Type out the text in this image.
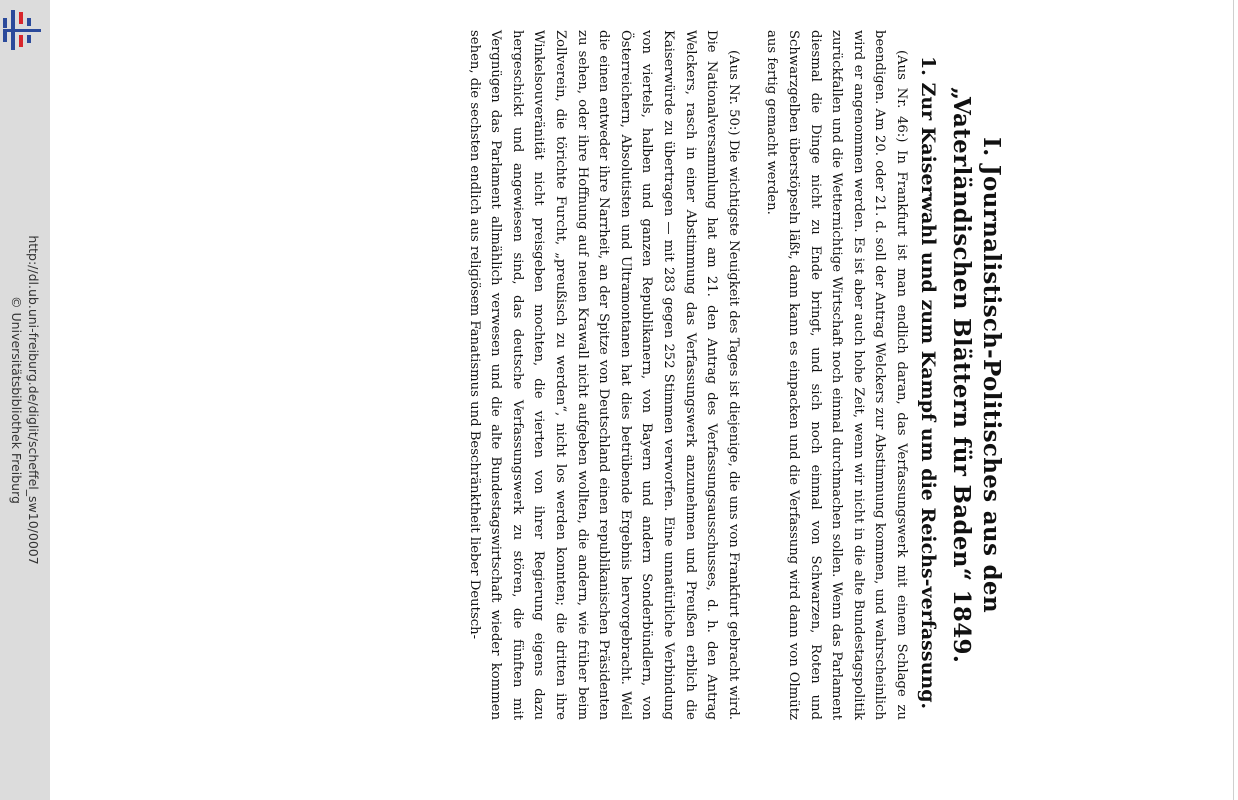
http://dl.ub.uni-freiburg.de/diglit/scheffel_sw10/0007
© Universitätsbibliothek Freiburg	I. Journalistisch-Politisches aus den
„Vaterländischen Blättern für Baden“ 1849.
1. Zur Kaiserwahl und zum Kampf um die Reichs-verfassung.

(Aus Nr. 46:) In Frankfurt ist man endlich daran, das Verfassungswerk mit einem Schlage zu beendigen. Am 20. oder 21. d. soll der Antrag Welckers zur Abstimmung kommen, und wahrscheinlich wird er angenommen werden. Es ist aber auch hohe Zeit, wenn wir nicht in die alte Bundestagspolitik zurückfallen und die Wetternichtige Wirtschaft noch einmal durchmachen sollen. Wenn das Parlament diesmal die Dinge nicht zu Ende bringt, und sich noch einmal von Schwarzen, Roten und Schwarzgelben überstöpseln läßt, dann kann es einpacken und die Verfassung wird dann von Olmütz aus fertig gemacht werden.

(Aus Nr. 50:) Die wichtigste Neuigkeit des Tages ist diejenige, die uns von Frankfurt gebracht wird. Die Nationalversammlung hat am 21. den Antrag des Verfassungsausschusses, d. h. den Antrag Welckers, rasch in einer Abstimmung das Verfassungswerk anzunehmen und Preußen erblich die Kaiserwürde zu übertragen — mit 283 gegen 252 Stimmen verworfen. Eine unnatürliche Verbindung von viertels, halben und ganzen Republikanern, von Bayern und andern Sonderbündlern, von Österreichern, Absolutisten und Ultramontanen hat dies betrübende Ergebnis hervorgebracht. Weil die einen entweder ihre Narrheit, an der Spitze von Deutschland einen republikanischen Präsidenten zu sehen, oder ihre Hoffnung auf neuen Krawall nicht aufgeben wollten, die andern, wie früher beim Zollverein, die törichte Furcht, „preußisch zu werden“, nicht los werden konnten; die dritten ihre Winkelsouveränität nicht preisgeben mochten, die vierten von ihrer Regierung eigens dazu hergeschickt und angewiesen sind, das deutsche Verfassungswerk zu stören, die fünften mit Vergnügen das Parlament allmählich verwesen und die alte Bundestagswirtschaft wieder kommen sehen, die sechsten endlich aus religiösem Fanatismus und Beschränktheit lieber Deutsch-
